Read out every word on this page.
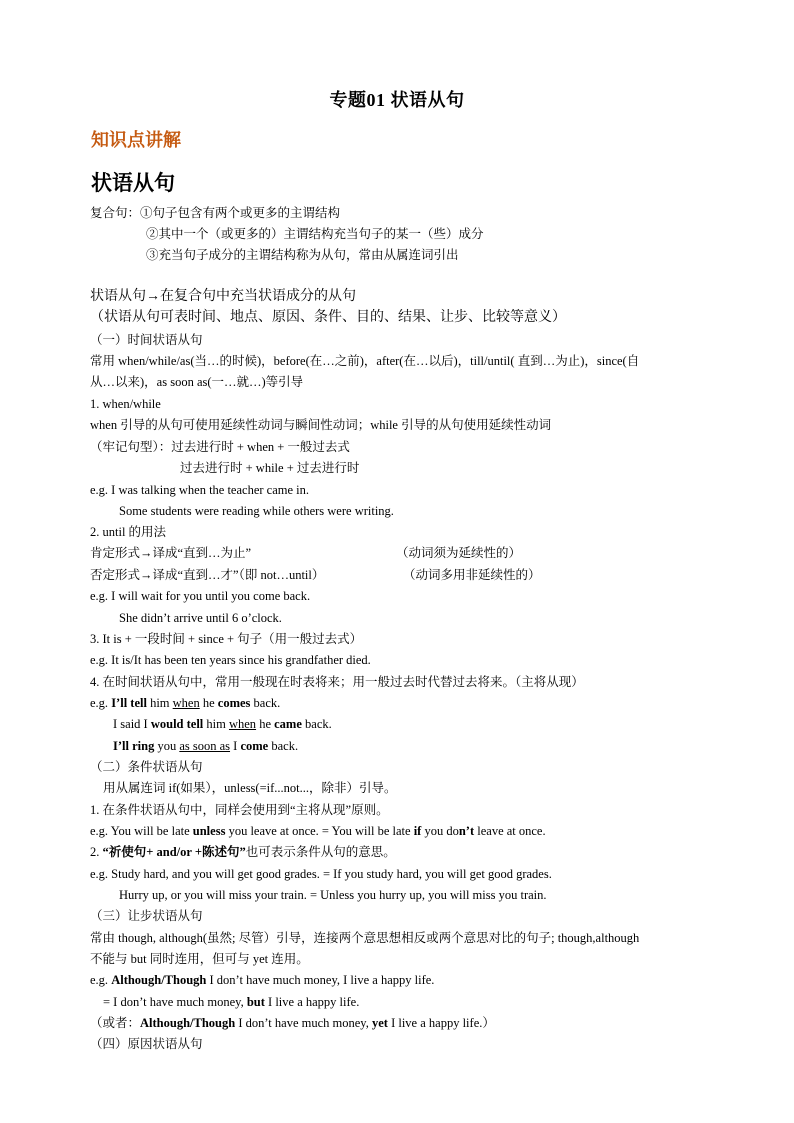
专题01 状语从句
知识点讲解
状语从句
复合句：①句子包含有两个或更多的主谓结构
②其中一个（或更多的）主谓结构充当句子的某一（些）成分
③充当句子成分的主谓结构称为从句，常由从属连词引出
状语从句→在复合句中充当状语成分的从句
（状语从句可表时间、地点、原因、条件、目的、结果、让步、比较等意义）
（一）时间状语从句
常用 when/while/as(当…的时候)，before(在…之前)，after(在…以后)，till/until( 直到…为止)，since(自
从…以来)，as soon as(一…就…)等引导
1. when/while
when 引导的从句可使用延续性动词与瞬间性动词；while 引导的从句使用延续性动词
（牢记句型）：过去进行时 + when + 一般过去式
过去进行时 + while + 过去进行时
e.g. I was talking when the teacher came in.
Some students were reading while others were writing.
2. until 的用法
肯定形式→译成“直到…为止”	（动词须为延续性的）
否定形式→译成“直到…才”（即 not…until）	（动词多用非延续性的）
e.g. I will wait for you until you come back.
She didn’t arrive until 6 o’clock.
3. It is + 一段时间 + since + 句子（用一般过去式）
e.g. It is/It has been ten years since his grandfather died.
4. 在时间状语从句中，常用一般现在时表将来；用一般过去时代替过去将来。（主将从现）
e.g. I’ll tell him when he comes back.
I said I would tell him when he came back.
I’ll ring you as soon as I come back.
（二）条件状语从句
用从属连词 if(如果），unless(=if...not...，除非）引导。
1. 在条件状语从句中，同样会使用到“主将从现”原则。
e.g. You will be late unless you leave at once. = You will be late if you don’t leave at once.
2. “祈使句+ and/or +陈述句”也可表示条件从句的意思。
e.g. Study hard, and you will get good grades. = If you study hard, you will get good grades.
Hurry up, or you will miss your train. = Unless you hurry up, you will miss you train.
（三）让步状语从句
常由 though, although(虽然; 尽管）引导，连接两个意思想相反或两个意思对比的句子; though,although
不能与 but 同时连用，但可与 yet 连用。
e.g. Although/Though I don’t have much money, I live a happy life.
= I don’t have much money, but I live a happy life.
（或者：Although/Though I don’t have much money, yet I live a happy life.）
（四）原因状语从句
